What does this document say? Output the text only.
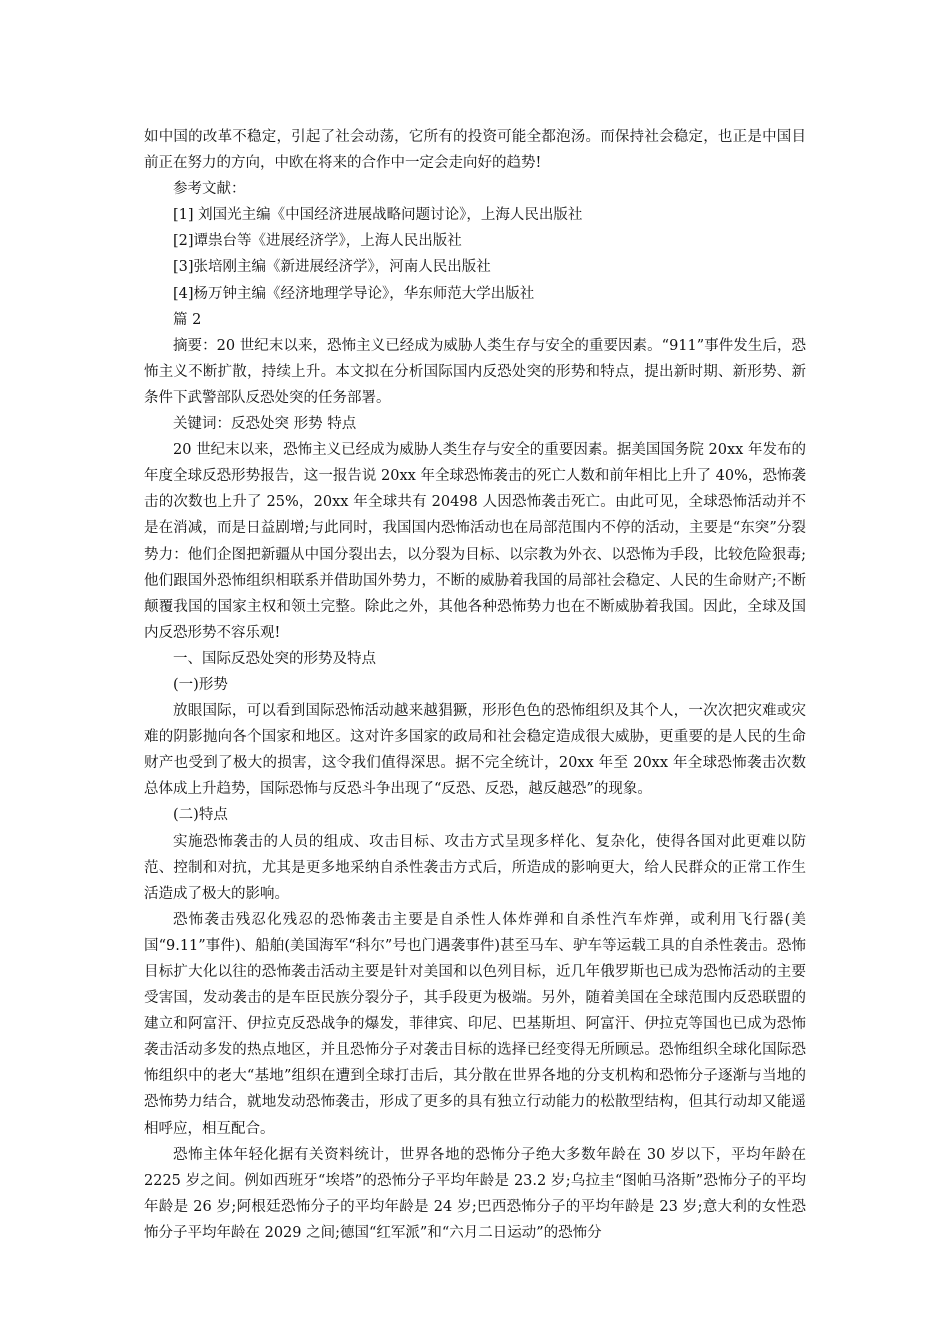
如中国的改革不稳定，引起了社会动荡，它所有的投资可能全都泡汤。而保持社会稳定，也正是中国目前正在努力的方向，中欧在将来的合作中一定会走向好的趋势!

参考文献：

[1] 刘国光主编《中国经济进展战略问题讨论》，上海人民出版社

[2]谭祟台等《进展经济学》，上海人民出版社

[3]张培刚主编《新进展经济学》，河南人民出版社

[4]杨万钟主编《经济地理学导论》，华东师范大学出版社

篇 2

摘要：20 世纪末以来，恐怖主义已经成为威胁人类生存与安全的重要因素。“911”事件发生后，恐怖主义不断扩散，持续上升。本文拟在分析国际国内反恐处突的形势和特点，提出新时期、新形势、新条件下武警部队反恐处突的任务部署。

关键词：反恐处突 形势 特点

20 世纪末以来，恐怖主义已经成为威胁人类生存与安全的重要因素。据美国国务院 20xx 年发布的年度全球反恐形势报告，这一报告说 20xx 年全球恐怖袭击的死亡人数和前年相比上升了 40%，恐怖袭击的次数也上升了 25%，20xx 年全球共有 20498 人因恐怖袭击死亡。由此可见，全球恐怖活动并不是在消减，而是日益剧增;与此同时，我国国内恐怖活动也在局部范围内不停的活动，主要是“东突”分裂势力：他们企图把新疆从中国分裂出去，以分裂为目标、以宗教为外衣、以恐怖为手段，比较危险狠毒;他们跟国外恐怖组织相联系并借助国外势力，不断的威胁着我国的局部社会稳定、人民的生命财产;不断颠覆我国的国家主权和领土完整。除此之外，其他各种恐怖势力也在不断威胁着我国。因此，全球及国内反恐形势不容乐观!

一、国际反恐处突的形势及特点

(一)形势

放眼国际，可以看到国际恐怖活动越来越猖獗，形形色色的恐怖组织及其个人，一次次把灾难或灾难的阴影抛向各个国家和地区。这对许多国家的政局和社会稳定造成很大威胁，更重要的是人民的生命财产也受到了极大的损害，这令我们值得深思。据不完全统计，20xx 年至 20xx 年全球恐怖袭击次数总体成上升趋势，国际恐怖与反恐斗争出现了“反恐、反恐，越反越恐”的现象。

(二)特点

实施恐怖袭击的人员的组成、攻击目标、攻击方式呈现多样化、复杂化，使得各国对此更难以防范、控制和对抗，尤其是更多地采纳自杀性袭击方式后，所造成的影响更大，给人民群众的正常工作生活造成了极大的影响。

恐怖袭击残忍化残忍的恐怖袭击主要是自杀性人体炸弹和自杀性汽车炸弹，或利用飞行器(美国“9.11”事件)、船舶(美国海军“科尔”号也门遇袭事件)甚至马车、驴车等运载工具的自杀性袭击。恐怖目标扩大化以往的恐怖袭击活动主要是针对美国和以色列目标，近几年俄罗斯也已成为恐怖活动的主要受害国，发动袭击的是车臣民族分裂分子，其手段更为极端。另外，随着美国在全球范围内反恐联盟的建立和阿富汗、伊拉克反恐战争的爆发，菲律宾、印尼、巴基斯坦、阿富汗、伊拉克等国也已成为恐怖袭击活动多发的热点地区，并且恐怖分子对袭击目标的选择已经变得无所顾忌。恐怖组织全球化国际恐怖组织中的老大“基地”组织在遭到全球打击后，其分散在世界各地的分支机构和恐怖分子逐渐与当地的恐怖势力结合，就地发动恐怖袭击，形成了更多的具有独立行动能力的松散型结构，但其行动却又能遥相呼应，相互配合。

恐怖主体年轻化据有关资料统计，世界各地的恐怖分子绝大多数年龄在 30 岁以下，平均年龄在 2225 岁之间。例如西班牙“埃塔”的恐怖分子平均年龄是 23.2 岁;乌拉圭“图帕马洛斯”恐怖分子的平均年龄是 26 岁;阿根廷恐怖分子的平均年龄是 24 岁;巴西恐怖分子的平均年龄是 23 岁;意大利的女性恐怖分子平均年龄在 2029 之间;德国“红军派”和“六月二日运动”的恐怖分
